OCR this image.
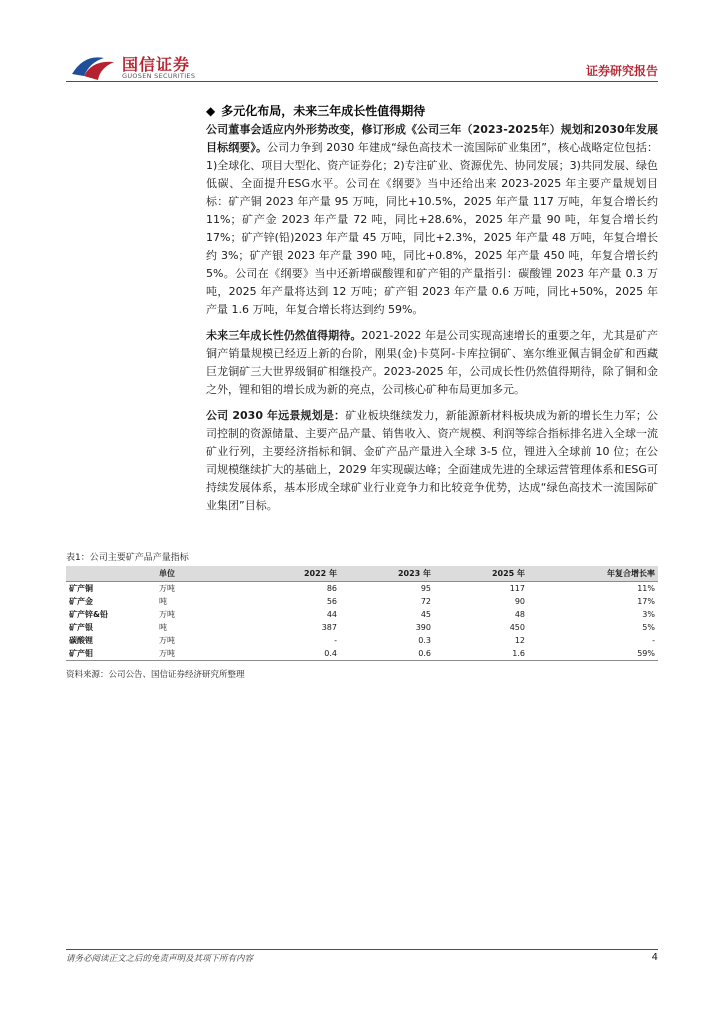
国信证券
GUOSEN SECURITIES	证券研究报告
◆ 多元化布局，未来三年成长性值得期待

公司董事会适应内外形势改变，修订形成《公司三年（2023-2025年）规划和2030年发展目标纲要》。公司力争到 2030 年建成“绿色高技术一流国际矿业集团”，核心战略定位包括：1)全球化、项目大型化、资产证券化；2)专注矿业、资源优先、协同发展；3)共同发展、绿色低碳、全面提升ESG水平。公司在《纲要》当中还给出来 2023-2025 年主要产量规划目标：矿产铜 2023 年产量 95 万吨，同比+10.5%，2025 年产量 117 万吨，年复合增长约 11%；矿产金 2023 年产量 72 吨，同比+28.6%，2025 年产量 90 吨，年复合增长约 17%；矿产锌(铅)2023 年产量 45 万吨，同比+2.3%，2025 年产量 48 万吨，年复合增长约 3%；矿产银 2023 年产量 390 吨，同比+0.8%，2025 年产量 450 吨，年复合增长约 5%。公司在《纲要》当中还新增碳酸锂和矿产钼的产量指引：碳酸锂 2023 年产量 0.3 万吨，2025 年产量将达到 12 万吨；矿产钼 2023 年产量 0.6 万吨，同比+50%，2025 年产量 1.6 万吨，年复合增长将达到约 59%。

未来三年成长性仍然值得期待。2021-2022 年是公司实现高速增长的重要之年，尤其是矿产铜产销量规模已经迈上新的台阶，刚果(金)卡莫阿-卡库拉铜矿、塞尔维亚佩吉铜金矿和西藏巨龙铜矿三大世界级铜矿相继投产。2023-2025 年，公司成长性仍然值得期待，除了铜和金之外，锂和钼的增长成为新的亮点，公司核心矿种布局更加多元。

公司 2030 年远景规划是：矿业板块继续发力，新能源新材料板块成为新的增长生力军；公司控制的资源储量、主要产品产量、销售收入、资产规模、利润等综合指标排名进入全球一流矿业行列，主要经济指标和铜、金矿产品产量进入全球 3-5 位，锂进入全球前 10 位；在公司规模继续扩大的基础上，2029 年实现碳达峰；全面建成先进的全球运营管理体系和ESG可持续发展体系，基本形成全球矿业行业竞争力和比较竞争优势，达成“绿色高技术一流国际矿业集团”目标。

表1：公司主要矿产品产量指标
	单位	2022 年	2023 年	2025 年	年复合增长率
矿产铜	万吨	86	95	117	11%
矿产金	吨	56	72	90	17%
矿产锌&铅	万吨	44	45	48	3%
矿产银	吨	387	390	450	5%
碳酸锂	万吨	-	0.3	12	-
矿产钼	万吨	0.4	0.6	1.6	59%
资料来源：公司公告、国信证券经济研究所整理
请务必阅读正文之后的免责声明及其项下所有内容	4
